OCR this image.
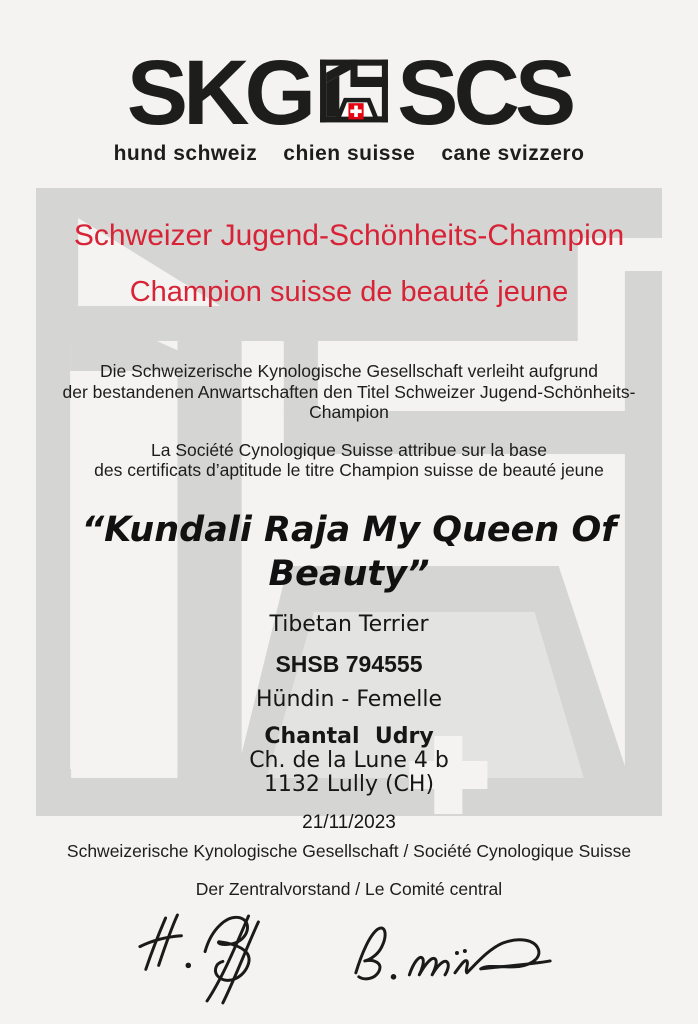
SKG SCS
hund schweiz chien suisse cane svizzero
Schweizer Jugend-Schönheits-Champion
Champion suisse de beauté jeune

Die Schweizerische Kynologische Gesellschaft verleiht aufgrund
der bestandenen Anwartschaften den Titel Schweizer Jugend-Schönheits-Champion

La Société Cynologique Suisse attribue sur la base
des certificats d’aptitude le titre Champion suisse de beauté jeune

“Kundali Raja My Queen Of
Beauty”
Tibetan Terrier
SHSB 794555
Hündin - Femelle
Chantal  Udry
Ch. de la Lune 4 b
1132 Lully (CH)
21/11/2023
Schweizerische Kynologische Gesellschaft / Société Cynologique Suisse
Der Zentralvorstand / Le Comité central
